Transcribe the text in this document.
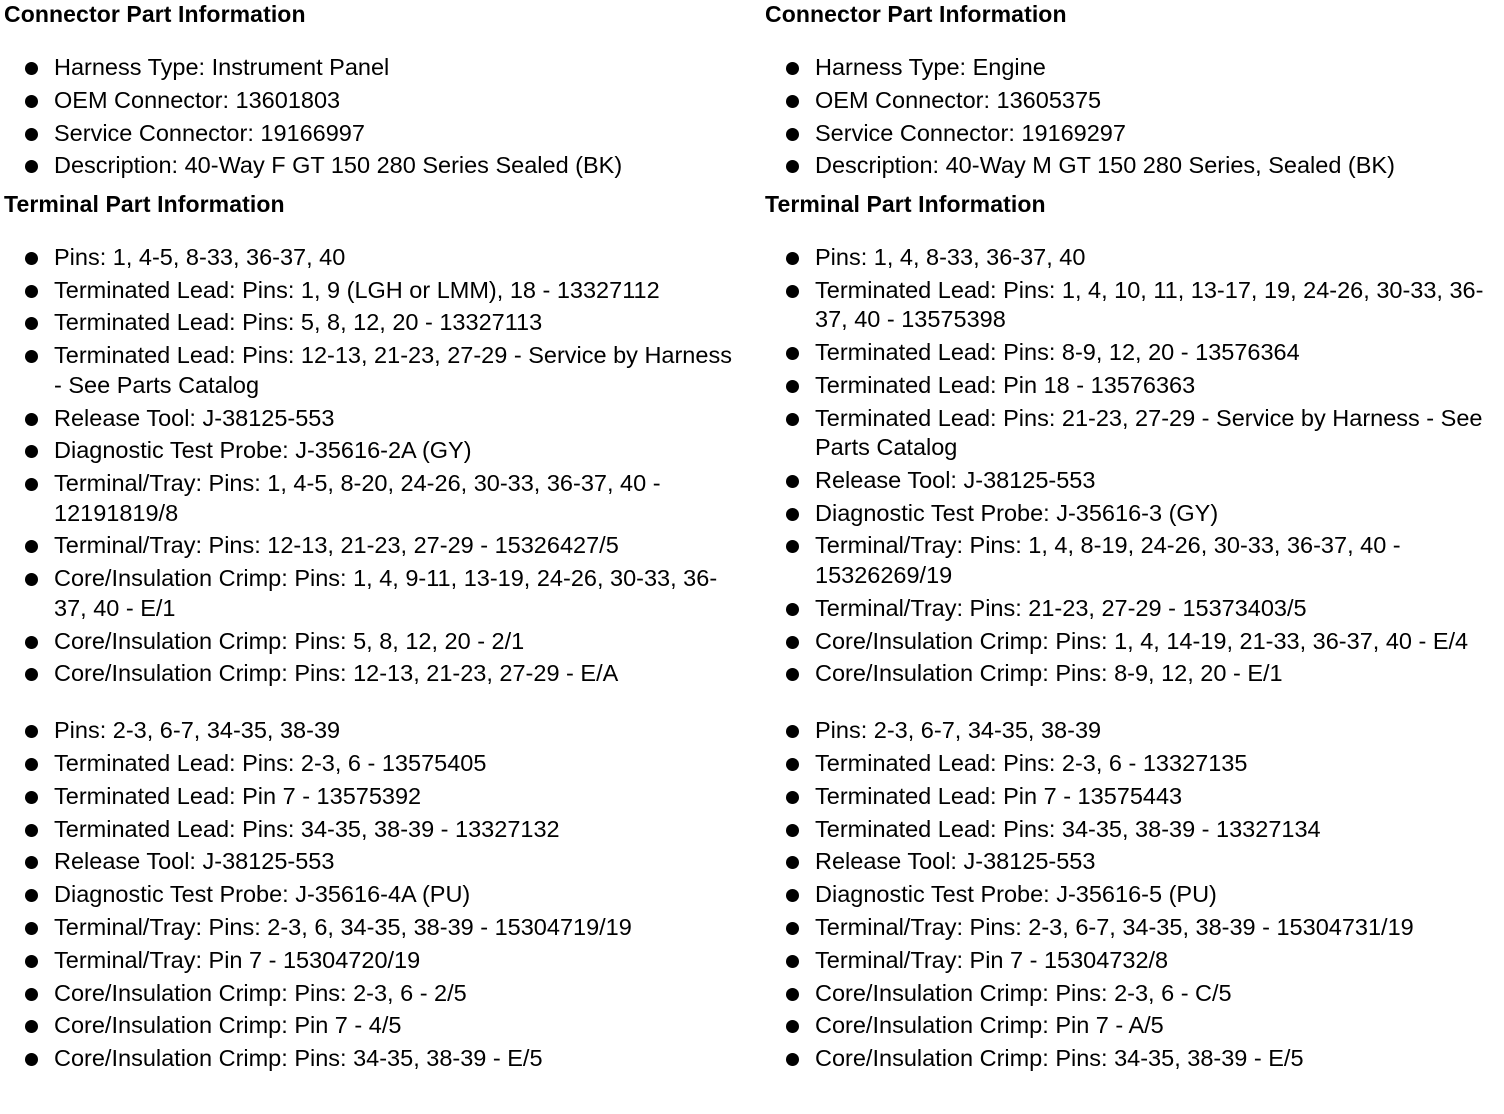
Connector Part Information
Harness Type: Instrument Panel
OEM Connector: 13601803
Service Connector: 19166997
Description: 40-Way F GT 150 280 Series Sealed (BK)
Terminal Part Information
Pins: 1, 4-5, 8-33, 36-37, 40
Terminated Lead: Pins: 1, 9 (LGH or LMM), 18 - 13327112
Terminated Lead: Pins: 5, 8, 12, 20 - 13327113
Terminated Lead: Pins: 12-13, 21-23, 27-29 - Service by Harness - See Parts Catalog
Release Tool: J-38125-553
Diagnostic Test Probe: J-35616-2A (GY)
Terminal/Tray: Pins: 1, 4-5, 8-20, 24-26, 30-33, 36-37, 40 - 12191819/8
Terminal/Tray: Pins: 12-13, 21-23, 27-29 - 15326427/5
Core/Insulation Crimp: Pins: 1, 4, 9-11, 13-19, 24-26, 30-33, 36-37, 40 - E/1
Core/Insulation Crimp: Pins: 5, 8, 12, 20 - 2/1
Core/Insulation Crimp: Pins: 12-13, 21-23, 27-29 - E/A
Pins: 2-3, 6-7, 34-35, 38-39
Terminated Lead: Pins: 2-3, 6 - 13575405
Terminated Lead: Pin 7 - 13575392
Terminated Lead: Pins: 34-35, 38-39 - 13327132
Release Tool: J-38125-553
Diagnostic Test Probe: J-35616-4A (PU)
Terminal/Tray: Pins: 2-3, 6, 34-35, 38-39 - 15304719/19
Terminal/Tray: Pin 7 - 15304720/19
Core/Insulation Crimp: Pins: 2-3, 6 - 2/5
Core/Insulation Crimp: Pin 7 - 4/5
Core/Insulation Crimp: Pins: 34-35, 38-39 - E/5
Connector Part Information
Harness Type: Engine
OEM Connector: 13605375
Service Connector: 19169297
Description: 40-Way M GT 150 280 Series, Sealed (BK)
Terminal Part Information
Pins: 1, 4, 8-33, 36-37, 40
Terminated Lead: Pins: 1, 4, 10, 11, 13-17, 19, 24-26, 30-33, 36-37, 40 - 13575398
Terminated Lead: Pins: 8-9, 12, 20 - 13576364
Terminated Lead: Pin 18 - 13576363
Terminated Lead: Pins: 21-23, 27-29 - Service by Harness - See Parts Catalog
Release Tool: J-38125-553
Diagnostic Test Probe: J-35616-3 (GY)
Terminal/Tray: Pins: 1, 4, 8-19, 24-26, 30-33, 36-37, 40 - 15326269/19
Terminal/Tray: Pins: 21-23, 27-29 - 15373403/5
Core/Insulation Crimp: Pins: 1, 4, 14-19, 21-33, 36-37, 40 - E/4
Core/Insulation Crimp: Pins: 8-9, 12, 20 - E/1
Pins: 2-3, 6-7, 34-35, 38-39
Terminated Lead: Pins: 2-3, 6 - 13327135
Terminated Lead: Pin 7 - 13575443
Terminated Lead: Pins: 34-35, 38-39 - 13327134
Release Tool: J-38125-553
Diagnostic Test Probe: J-35616-5 (PU)
Terminal/Tray: Pins: 2-3, 6-7, 34-35, 38-39 - 15304731/19
Terminal/Tray: Pin 7 - 15304732/8
Core/Insulation Crimp: Pins: 2-3, 6 - C/5
Core/Insulation Crimp: Pin 7 - A/5
Core/Insulation Crimp: Pins: 34-35, 38-39 - E/5
